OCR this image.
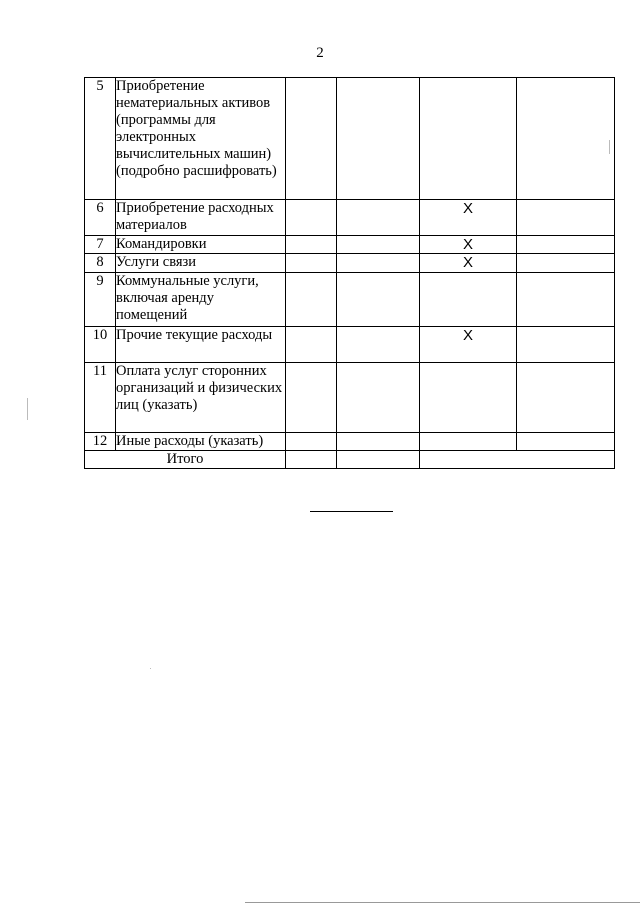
2
5	Приобретение нематериальных активов (программы для электронных вычислительных машин) (подробно расшифровать)				
6	Приобретение расходных материалов			X	
7	Командировки			X	
8	Услуги связи			X	
9	Коммунальные услуги, включая аренду помещений				
10	Прочие текущие расходы			X	
11	Оплата услуг сторонних организаций и физических лиц (указать)				
12	Иные расходы (указать)				
Итого					
